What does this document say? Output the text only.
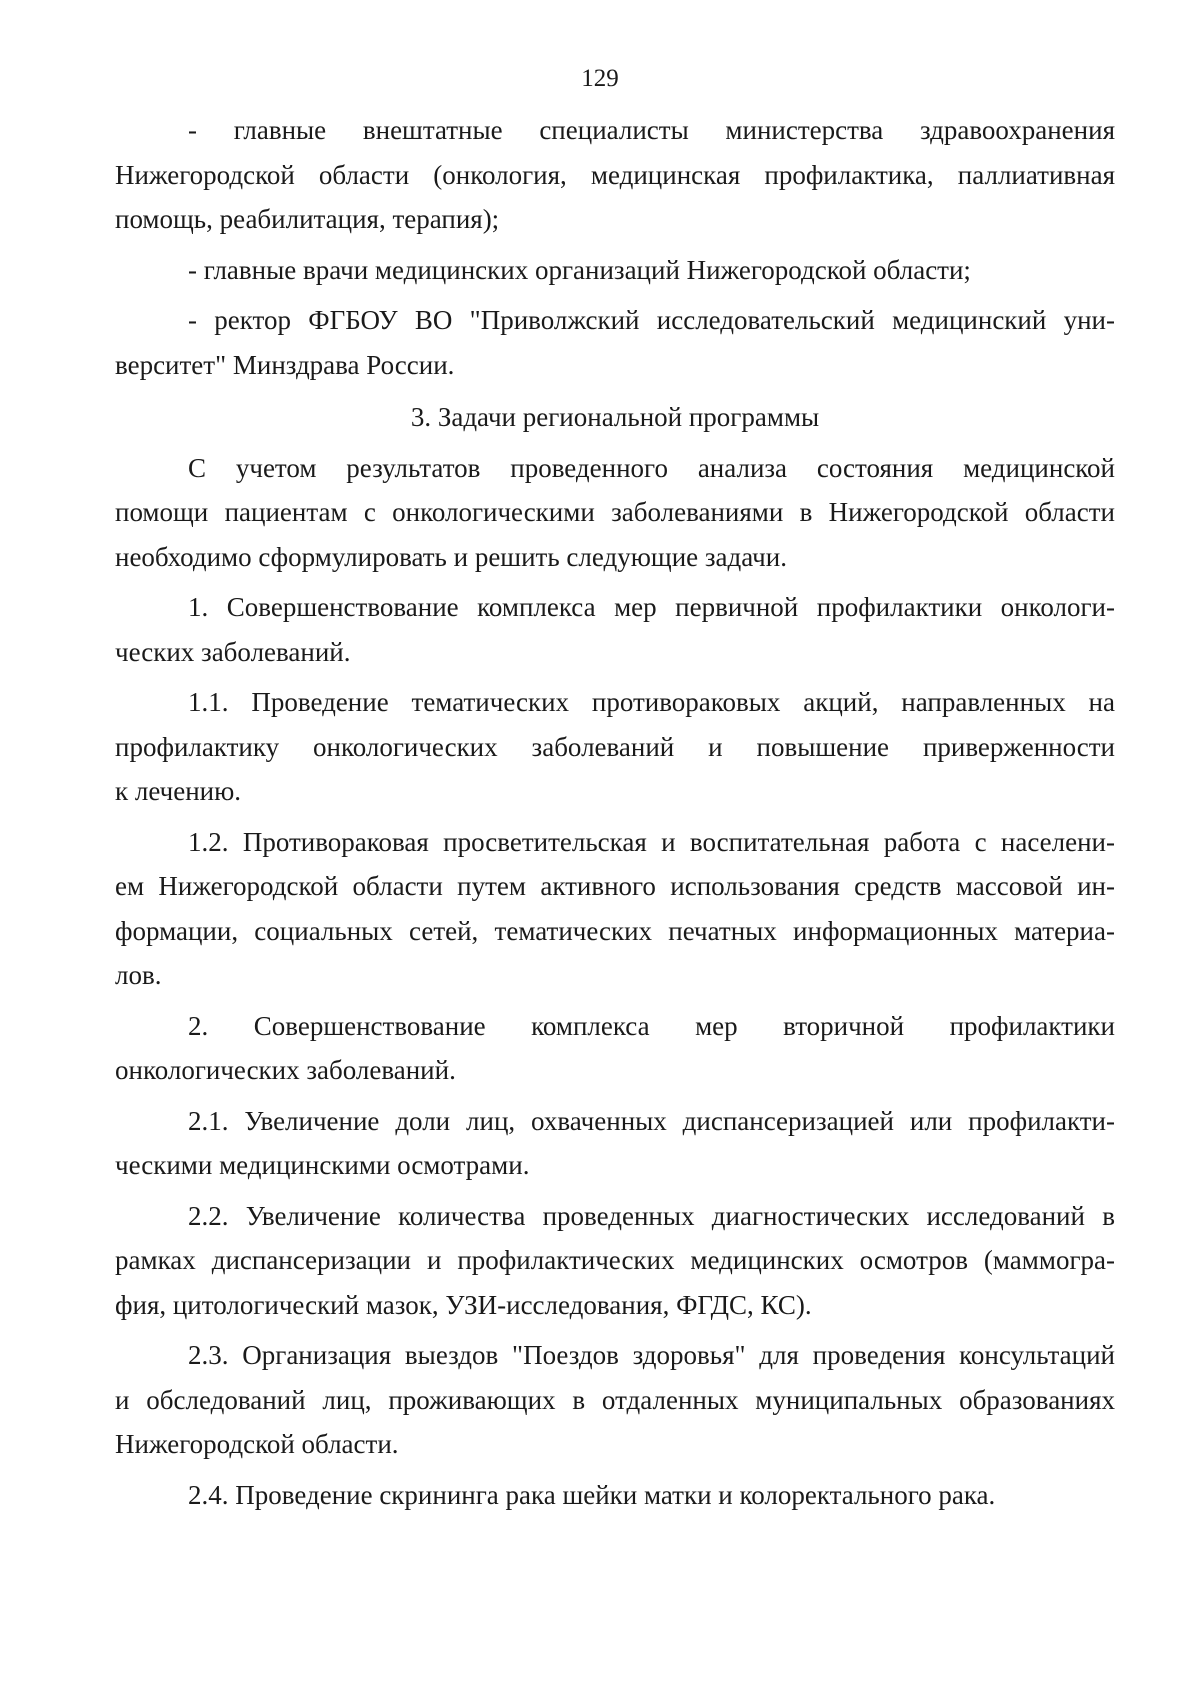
129
- главные внештатные специалисты министерства здравоохранения
Нижегородской области (онкология, медицинская профилактика, паллиативная
помощь, реабилитация, терапия);
- главные врачи медицинских организаций Нижегородской области;
- ректор ФГБОУ ВО "Приволжский исследовательский медицинский уни-
верситет" Минздрава России.
3. Задачи региональной программы
С учетом результатов проведенного анализа состояния медицинской
помощи пациентам с онкологическими заболеваниями в Нижегородской области
необходимо сформулировать и решить следующие задачи.
1. Совершенствование комплекса мер первичной профилактики онкологи-
ческих заболеваний.
1.1. Проведение тематических противораковых акций, направленных на
профилактику онкологических заболеваний и повышение приверженности
к лечению.
1.2. Противораковая просветительская и воспитательная работа с населени-
ем Нижегородской области путем активного использования средств массовой ин-
формации, социальных сетей, тематических печатных информационных материа-
лов.
2. Совершенствование комплекса мер вторичной профилактики
онкологических заболеваний.
2.1. Увеличение доли лиц, охваченных диспансеризацией или профилакти-
ческими медицинскими осмотрами.
2.2. Увеличение количества проведенных диагностических исследований в
рамках диспансеризации и профилактических медицинских осмотров (маммогра-
фия, цитологический мазок, УЗИ-исследования, ФГДС, КС).
2.3. Организация выездов "Поездов здоровья" для проведения консультаций
и обследований лиц, проживающих в отдаленных муниципальных образованиях
Нижегородской области.
2.4. Проведение скрининга рака шейки матки и колоректального рака.
